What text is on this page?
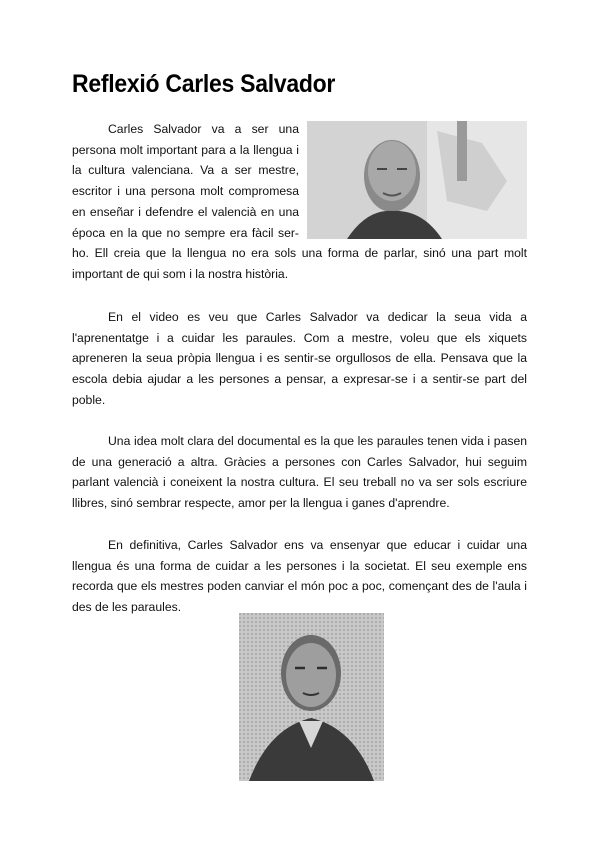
Reflexió Carles Salvador
Carles Salvador va a ser una persona molt important para a la llengua i la cultura valenciana. Va a ser mestre, escritor i una persona molt compromesa en enseñar i defendre el valencià en una época en la que no sempre era fàcil ser-ho. Ell creia que la llengua no era sols una forma de parlar, sinó una part molt important de qui som i la nostra història.
En el video es veu que Carles Salvador va dedicar la seua vida a l'aprenentatge i a cuidar les paraules. Com a mestre, voleu que els xiquets apreneren la seua pròpia llengua i es sentir-se orgullosos de ella. Pensava que la escola debia ajudar a les persones a pensar, a expresar-se i a sentir-se part del poble.
Una idea molt clara del documental es la que les paraules tenen vida i pasen de una generació a altra. Gràcies a persones con Carles Salvador, hui seguim parlant valencià i coneixent la nostra cultura. El seu treball no va ser sols escriure llibres, sinó sembrar respecte, amor per la llengua i ganes d'aprendre.
En definitiva, Carles Salvador ens va ensenyar que educar i cuidar una llengua és una forma de cuidar a les persones i la societat. El seu exemple ens recorda que els mestres poden canviar el món poc a poc, començant des de l'aula i des de les paraules.
